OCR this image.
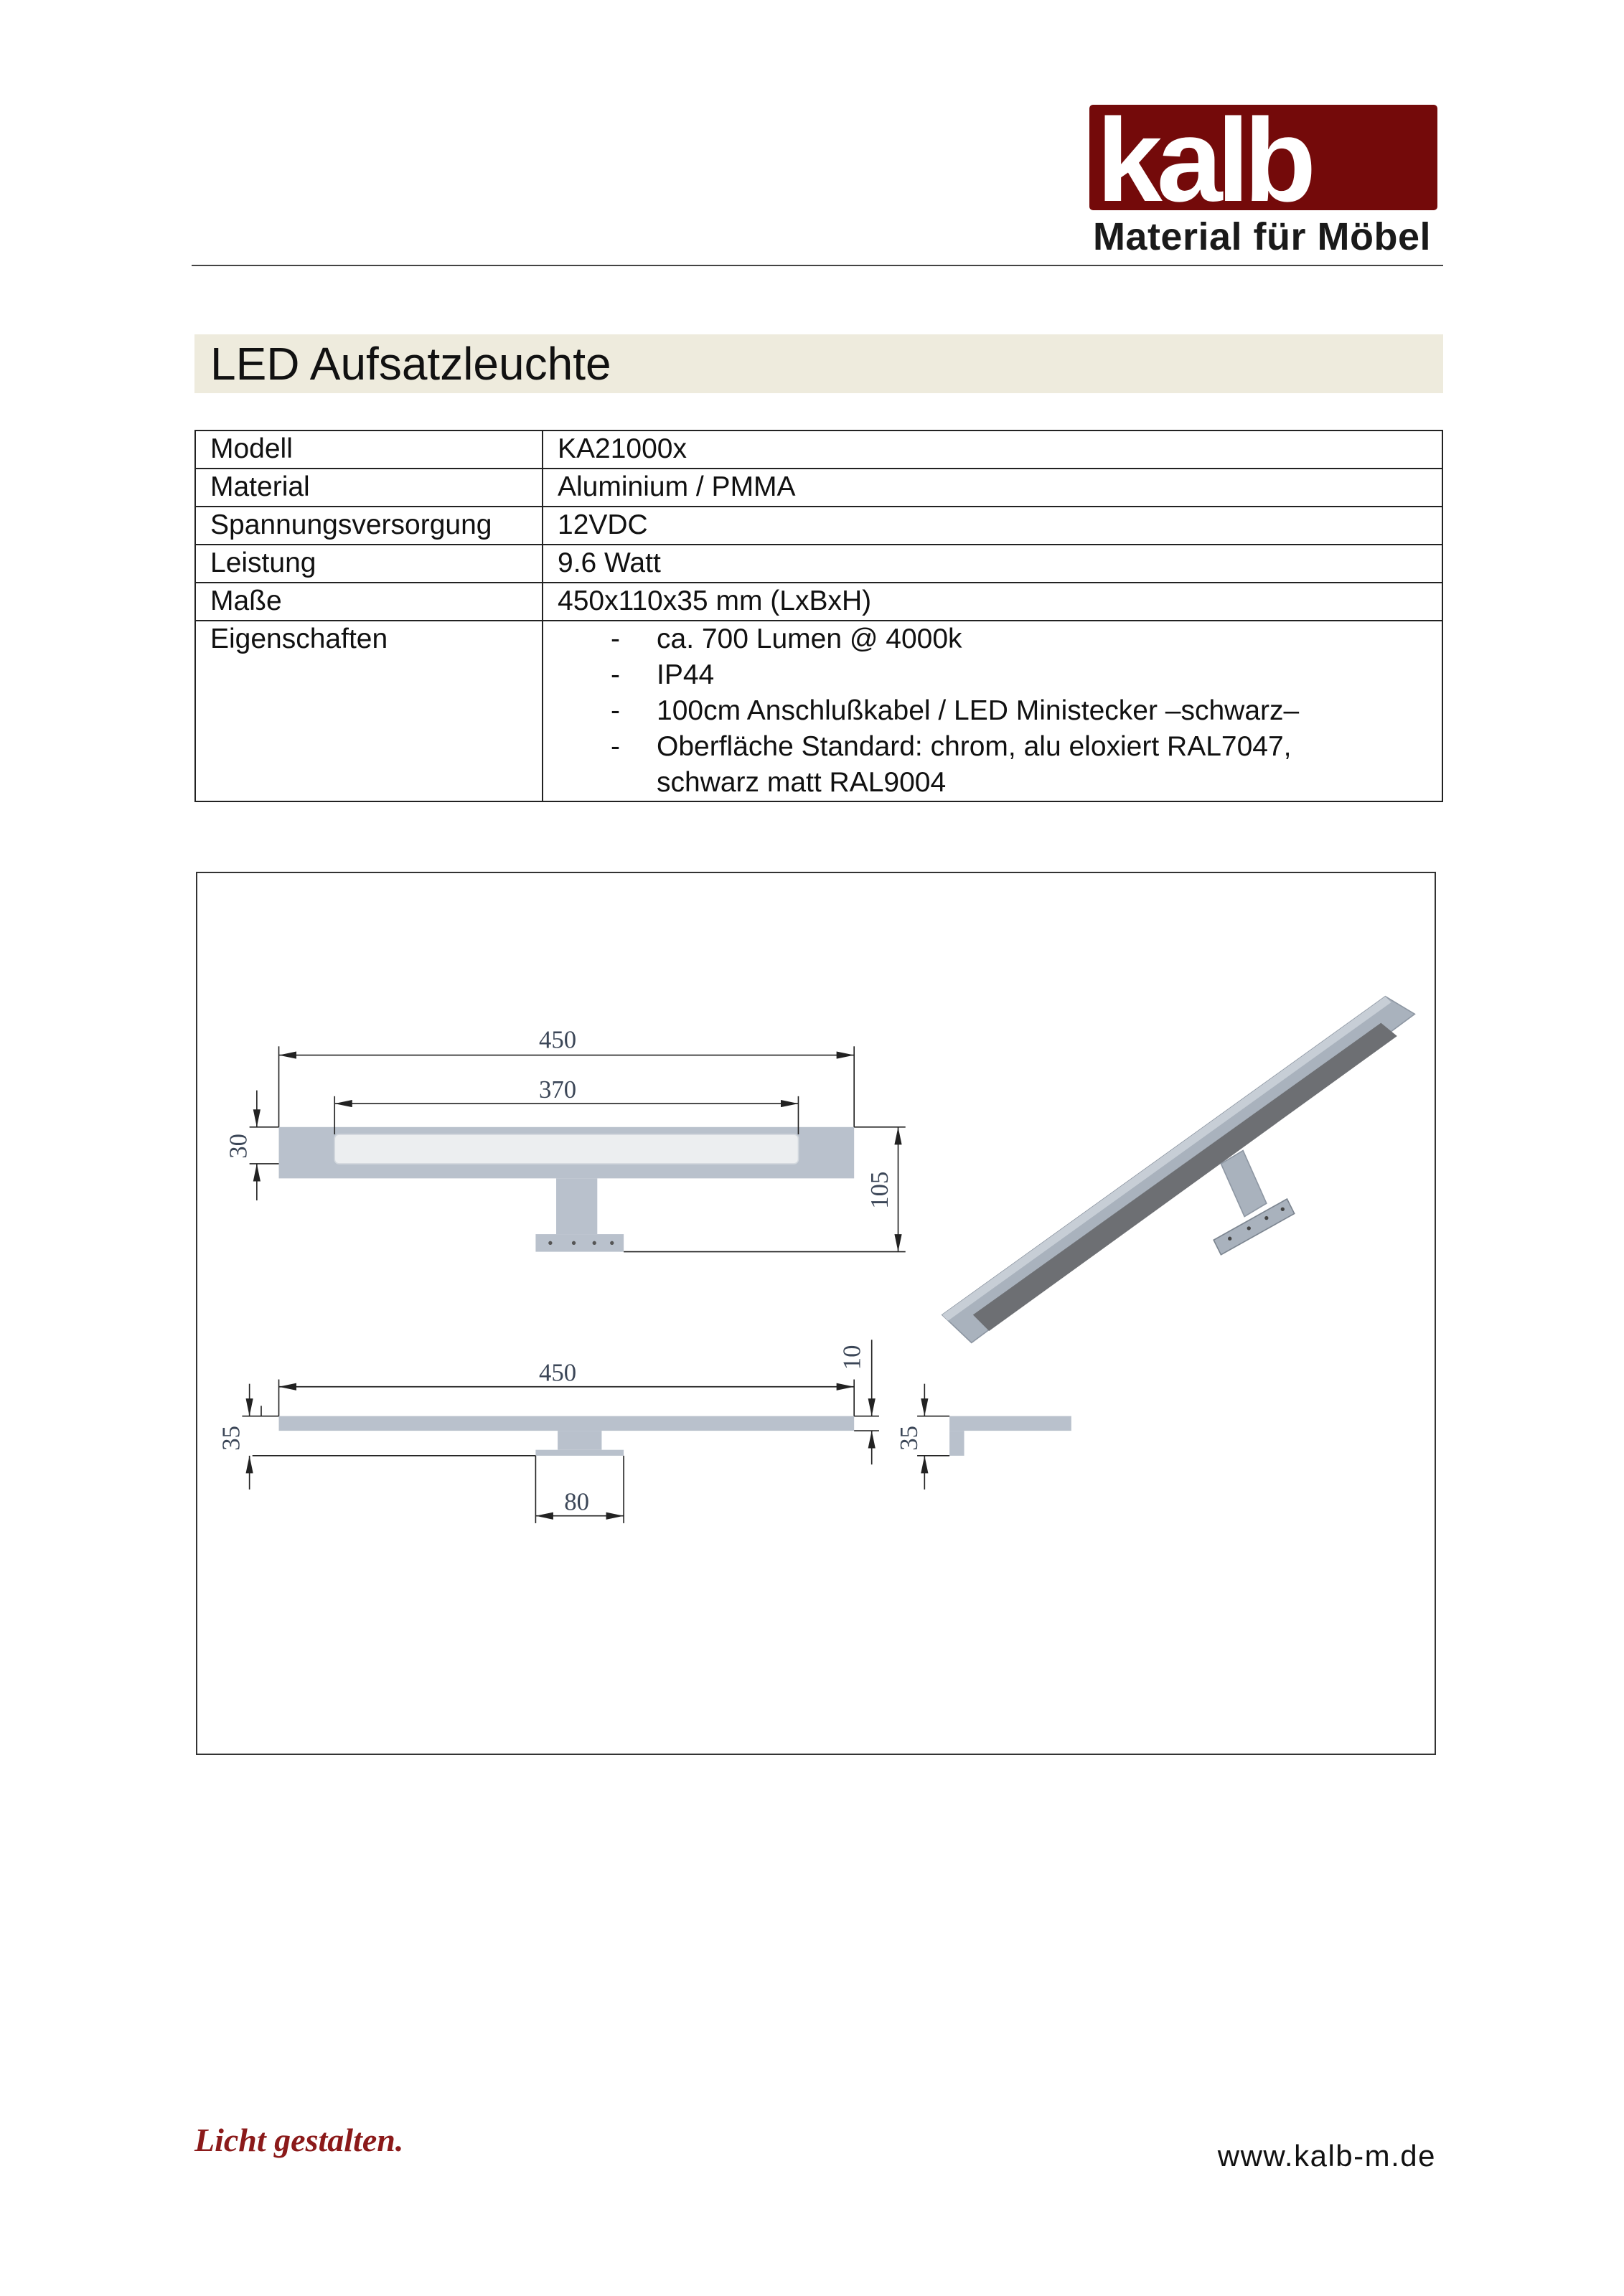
kalb
Material für Möbel
LED Aufsatzleuchte
Modell	KA21000x
Material	Aluminium / PMMA
Spannungsversorgung	12VDC
Leistung	9.6 Watt
Maße	450x110x35 mm (LxBxH)
Eigenschaften	- ca. 700 Lumen @ 4000k
- IP44
- 100cm Anschlußkabel / LED Ministecker –schwarz–
- Oberfläche Standard: chrom, alu eloxiert RAL7047, schwarz matt RAL9004
450
370
30
105
450
10
35
80
35
Licht gestalten.	www.kalb-m.de
